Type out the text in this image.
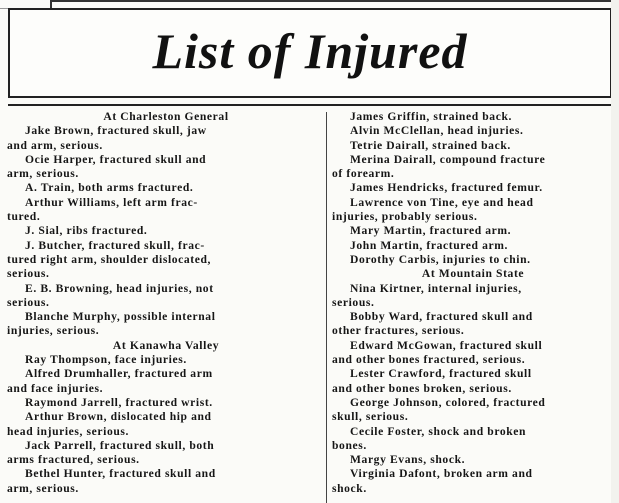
List of Injured
At Charleston General
Jake Brown, fractured skull, jaw
and arm, serious.
Ocie Harper, fractured skull and
arm, serious.
A. Train, both arms fractured.
Arthur Williams, left arm frac-
tured.
J. Sial, ribs fractured.
J. Butcher, fractured skull, frac-
tured right arm, shoulder dislocated,
serious.
E. B. Browning, head injuries, not
serious.
Blanche Murphy, possible internal
injuries, serious.
At Kanawha Valley
Ray Thompson, face injuries.
Alfred Drumhaller, fractured arm
and face injuries.
Raymond Jarrell, fractured wrist.
Arthur Brown, dislocated hip and
head injuries, serious.
Jack Parrell, fractured skull, both
arms fractured, serious.
Bethel Hunter, fractured skull and
arm, serious.
James Griffin, strained back.
Alvin McClellan, head injuries.
Tetrie Dairall, strained back.
Merina Dairall, compound fracture
of forearm.
James Hendricks, fractured femur.
Lawrence von Tine, eye and head
injuries, probably serious.
Mary Martin, fractured arm.
John Martin, fractured arm.
Dorothy Carbis, injuries to chin.
At Mountain State
Nina Kirtner, internal injuries,
serious.
Bobby Ward, fractured skull and
other fractures, serious.
Edward McGowan, fractured skull
and other bones fractured, serious.
Lester Crawford, fractured skull
and other bones broken, serious.
George Johnson, colored, fractured
skull, serious.
Cecile Foster, shock and broken
bones.
Margy Evans, shock.
Virginia Dafont, broken arm and
shock.
